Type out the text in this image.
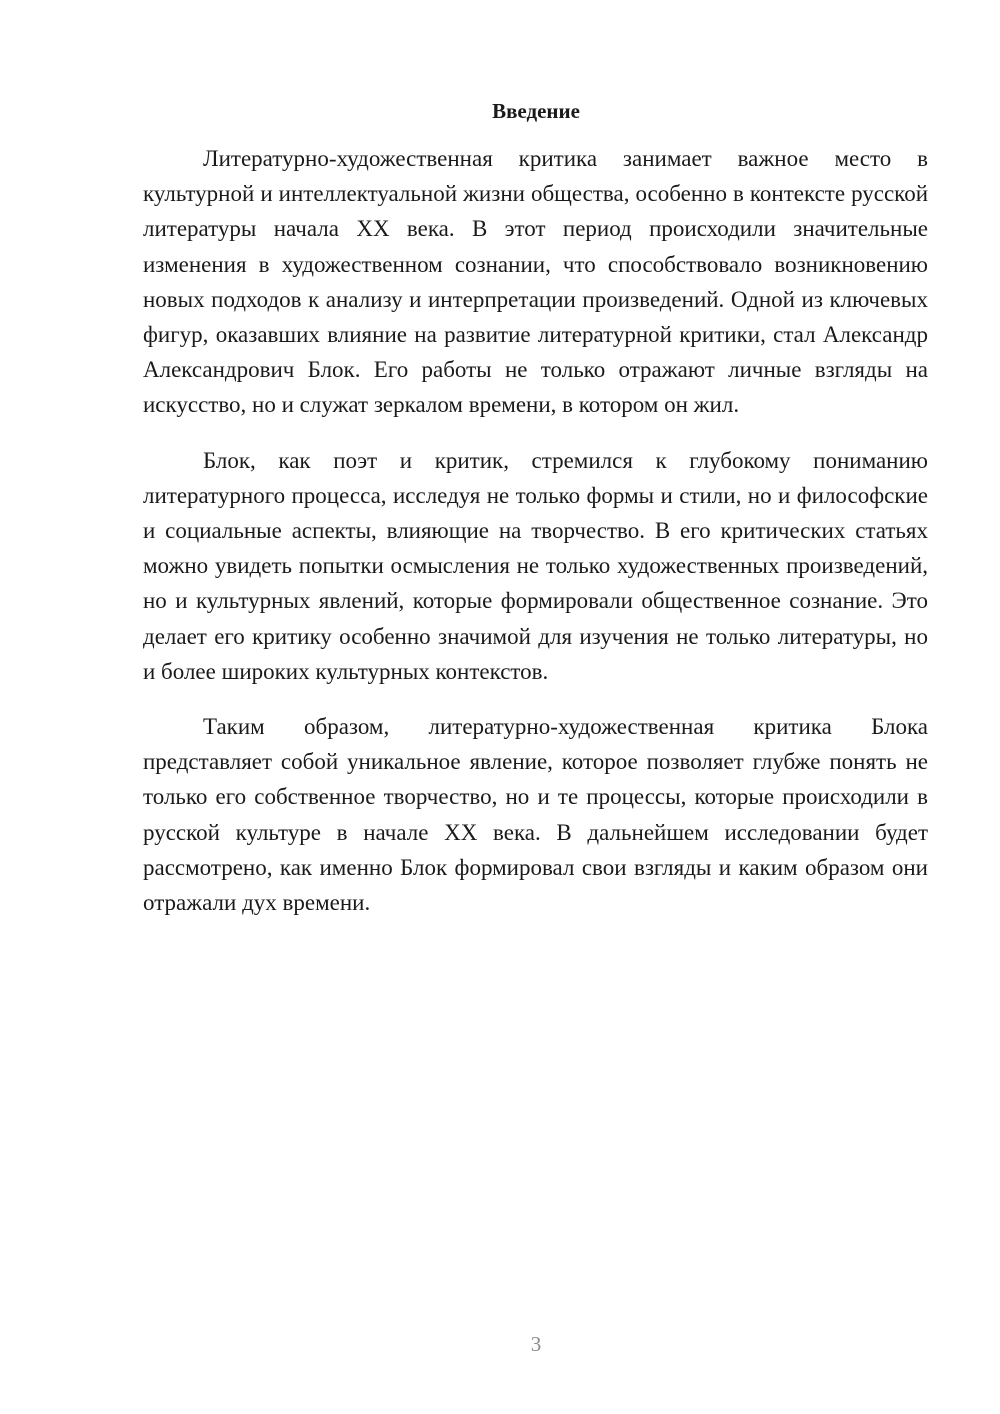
Введение

Литературно-художественная критика занимает важное место в культурной и интеллектуальной жизни общества, особенно в контексте русской литературы начала XX века. В этот период происходили значительные изменения в художественном сознании, что способствовало возникновению новых подходов к анализу и интерпретации произведений. Одной из ключевых фигур, оказавших влияние на развитие литературной критики, стал Александр Александрович Блок. Его работы не только отражают личные взгляды на искусство, но и служат зеркалом времени, в котором он жил.

Блок, как поэт и критик, стремился к глубокому пониманию литературного процесса, исследуя не только формы и стили, но и философские и социальные аспекты, влияющие на творчество. В его критических статьях можно увидеть попытки осмысления не только художественных произведений, но и культурных явлений, которые формировали общественное сознание. Это делает его критику особенно значимой для изучения не только литературы, но и более широких культурных контекстов.

Таким образом, литературно-художественная критика Блока представляет собой уникальное явление, которое позволяет глубже понять не только его собственное творчество, но и те процессы, которые происходили в русской культуре в начале XX века. В дальнейшем исследовании будет рассмотрено, как именно Блок формировал свои взгляды и каким образом они отражали дух времени.

3
